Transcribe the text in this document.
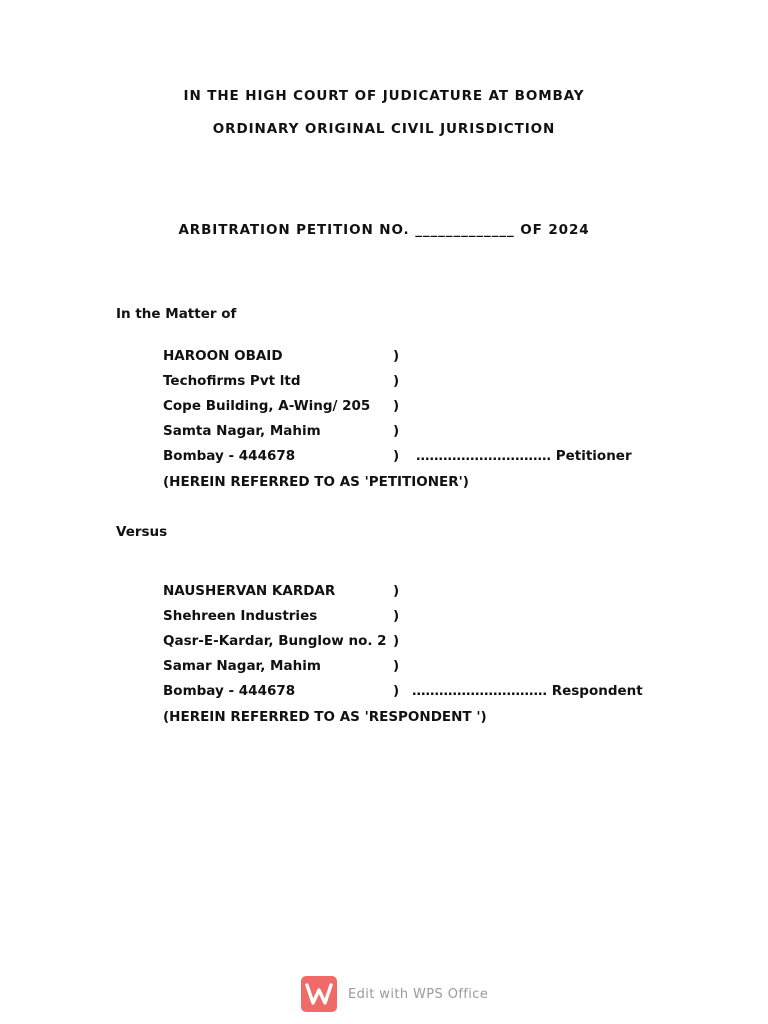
IN THE HIGH COURT OF JUDICATURE AT BOMBAY
ORDINARY ORIGINAL CIVIL JURISDICTION
ARBITRATION PETITION NO. _____________ OF 2024
In the Matter of
HAROON OBAID	)
Techofirms Pvt ltd	)
Cope Building, A-Wing/ 205 )
Samta Nagar, Mahim	)
Bombay - 444678	) ………………………… Petitioner
(HEREIN REFERRED TO AS 'PETITIONER')
Versus
NAUSHERVAN KARDAR	)
Shehreen Industries	)
Qasr-E-Kardar, Bunglow no. 2 )
Samar Nagar, Mahim	)
Bombay - 444678	) ………………………… Respondent
(HEREIN REFERRED TO AS 'RESPONDENT ')
Edit with WPS Office
